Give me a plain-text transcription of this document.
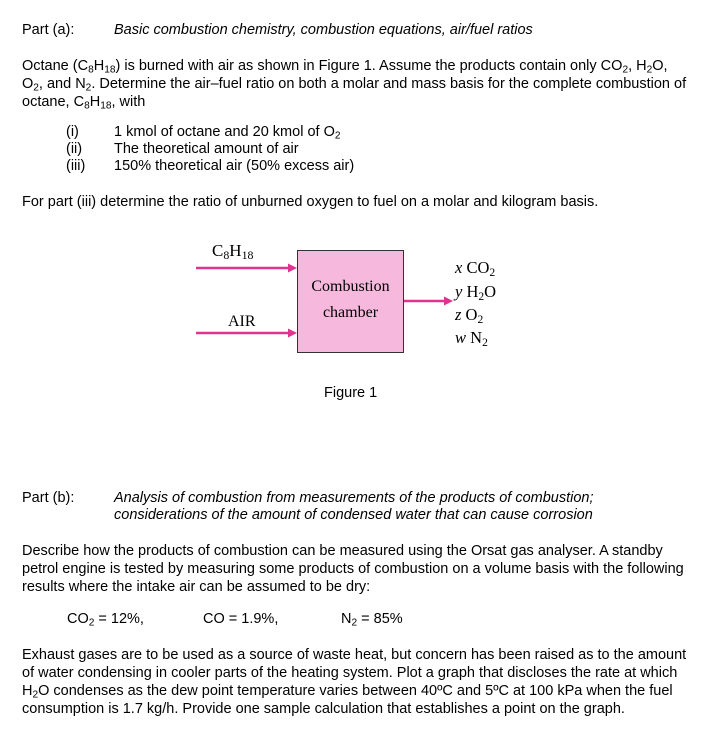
Part (a):	Basic combustion chemistry, combustion equations, air/fuel ratios

Octane $(C_8H_{18})$ is burned with air as shown in Figure 1. Assume the products contain only $CO_2$, $H_2O$, $O_2$, and $N_2$. Determine the air–fuel ratio on both a molar and mass basis for the complete combustion of octane, $C_8H_{18}$, with

(i) 1 kmol of octane and 20 kmol of $O_2$
(ii) The theoretical amount of air
(iii) 150% theoretical air (50% excess air)
For part (iii) determine the ratio of unburned oxygen to fuel on a molar and kilogram basis.
Combustion
chamber
$C_8H_{18}$
AIR
x $CO_2$
y $H_2O$
z $O_2$
w $N_2$
Figure 1
Part (b):	Analysis of combustion from measurements of the products of combustion;
considerations of the amount of condensed water that can cause corrosion

Describe how the products of combustion can be measured using the Orsat gas analyser. A standby petrol engine is tested by measuring some products of combustion on a volume basis with the following results where the intake air can be assumed to be dry:

$CO_2 = 12\%$,	CO = 1.9%,	$N_2 = 85\%$

Exhaust gases are to be used as a source of waste heat, but concern has been raised as to the amount of water condensing in cooler parts of the heating system. Plot a graph that discloses the rate at which $H_2O$ condenses as the dew point temperature varies between 40ºC and 5ºC at 100 kPa when the fuel consumption is 1.7 kg/h. Provide one sample calculation that establishes a point on the graph.
